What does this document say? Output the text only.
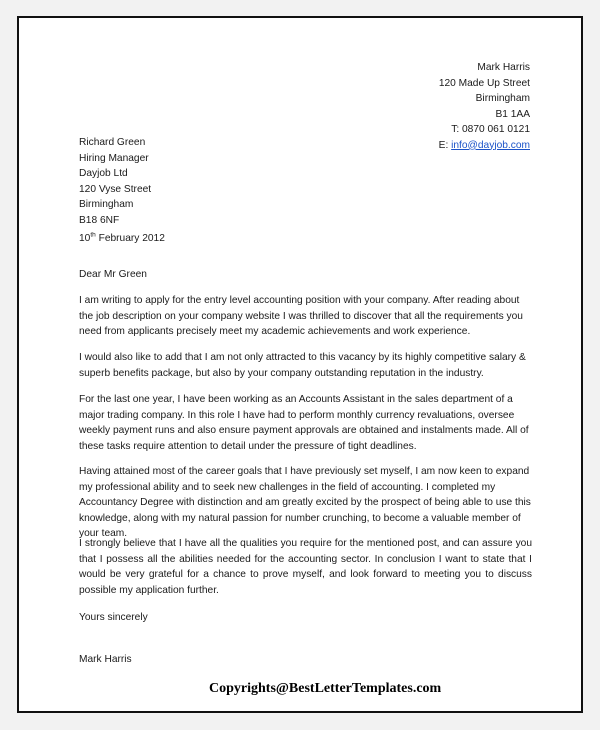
Mark Harris
120 Made Up Street
Birmingham
B1 1AA
T: 0870 061 0121
E: info@dayjob.com
Richard Green
Hiring Manager
Dayjob Ltd
120 Vyse Street
Birmingham
B18 6NF
10th February 2012
Dear Mr Green

I am writing to apply for the entry level accounting position with your company. After reading about the job description on your company website I was thrilled to discover that all the requirements you need from applicants precisely meet my academic achievements and work experience.

I would also like to add that I am not only attracted to this vacancy by its highly competitive salary & superb benefits package, but also by your company outstanding reputation in the industry.

For the last one year, I have been working as an Accounts Assistant in the sales department of a major trading company. In this role I have had to perform monthly currency revaluations, oversee weekly payment runs and also ensure payment approvals are obtained and instalments made. All of these tasks require attention to detail under the pressure of tight deadlines.

Having attained most of the career goals that I have previously set myself, I am now keen to expand my professional ability and to seek new challenges in the field of accounting. I completed my Accountancy Degree with distinction and am greatly excited by the prospect of being able to use this knowledge, along with my natural passion for number crunching, to become a valuable member of your team.

I strongly believe that I have all the qualities you require for the mentioned post, and can assure you that I possess all the abilities needed for the accounting sector. In conclusion I want to state that I would be very grateful for a chance to prove myself, and look forward to meeting you to discuss possible my application further.

Yours sincerely
Mark Harris
Copyrights@BestLetterTemplates.com
